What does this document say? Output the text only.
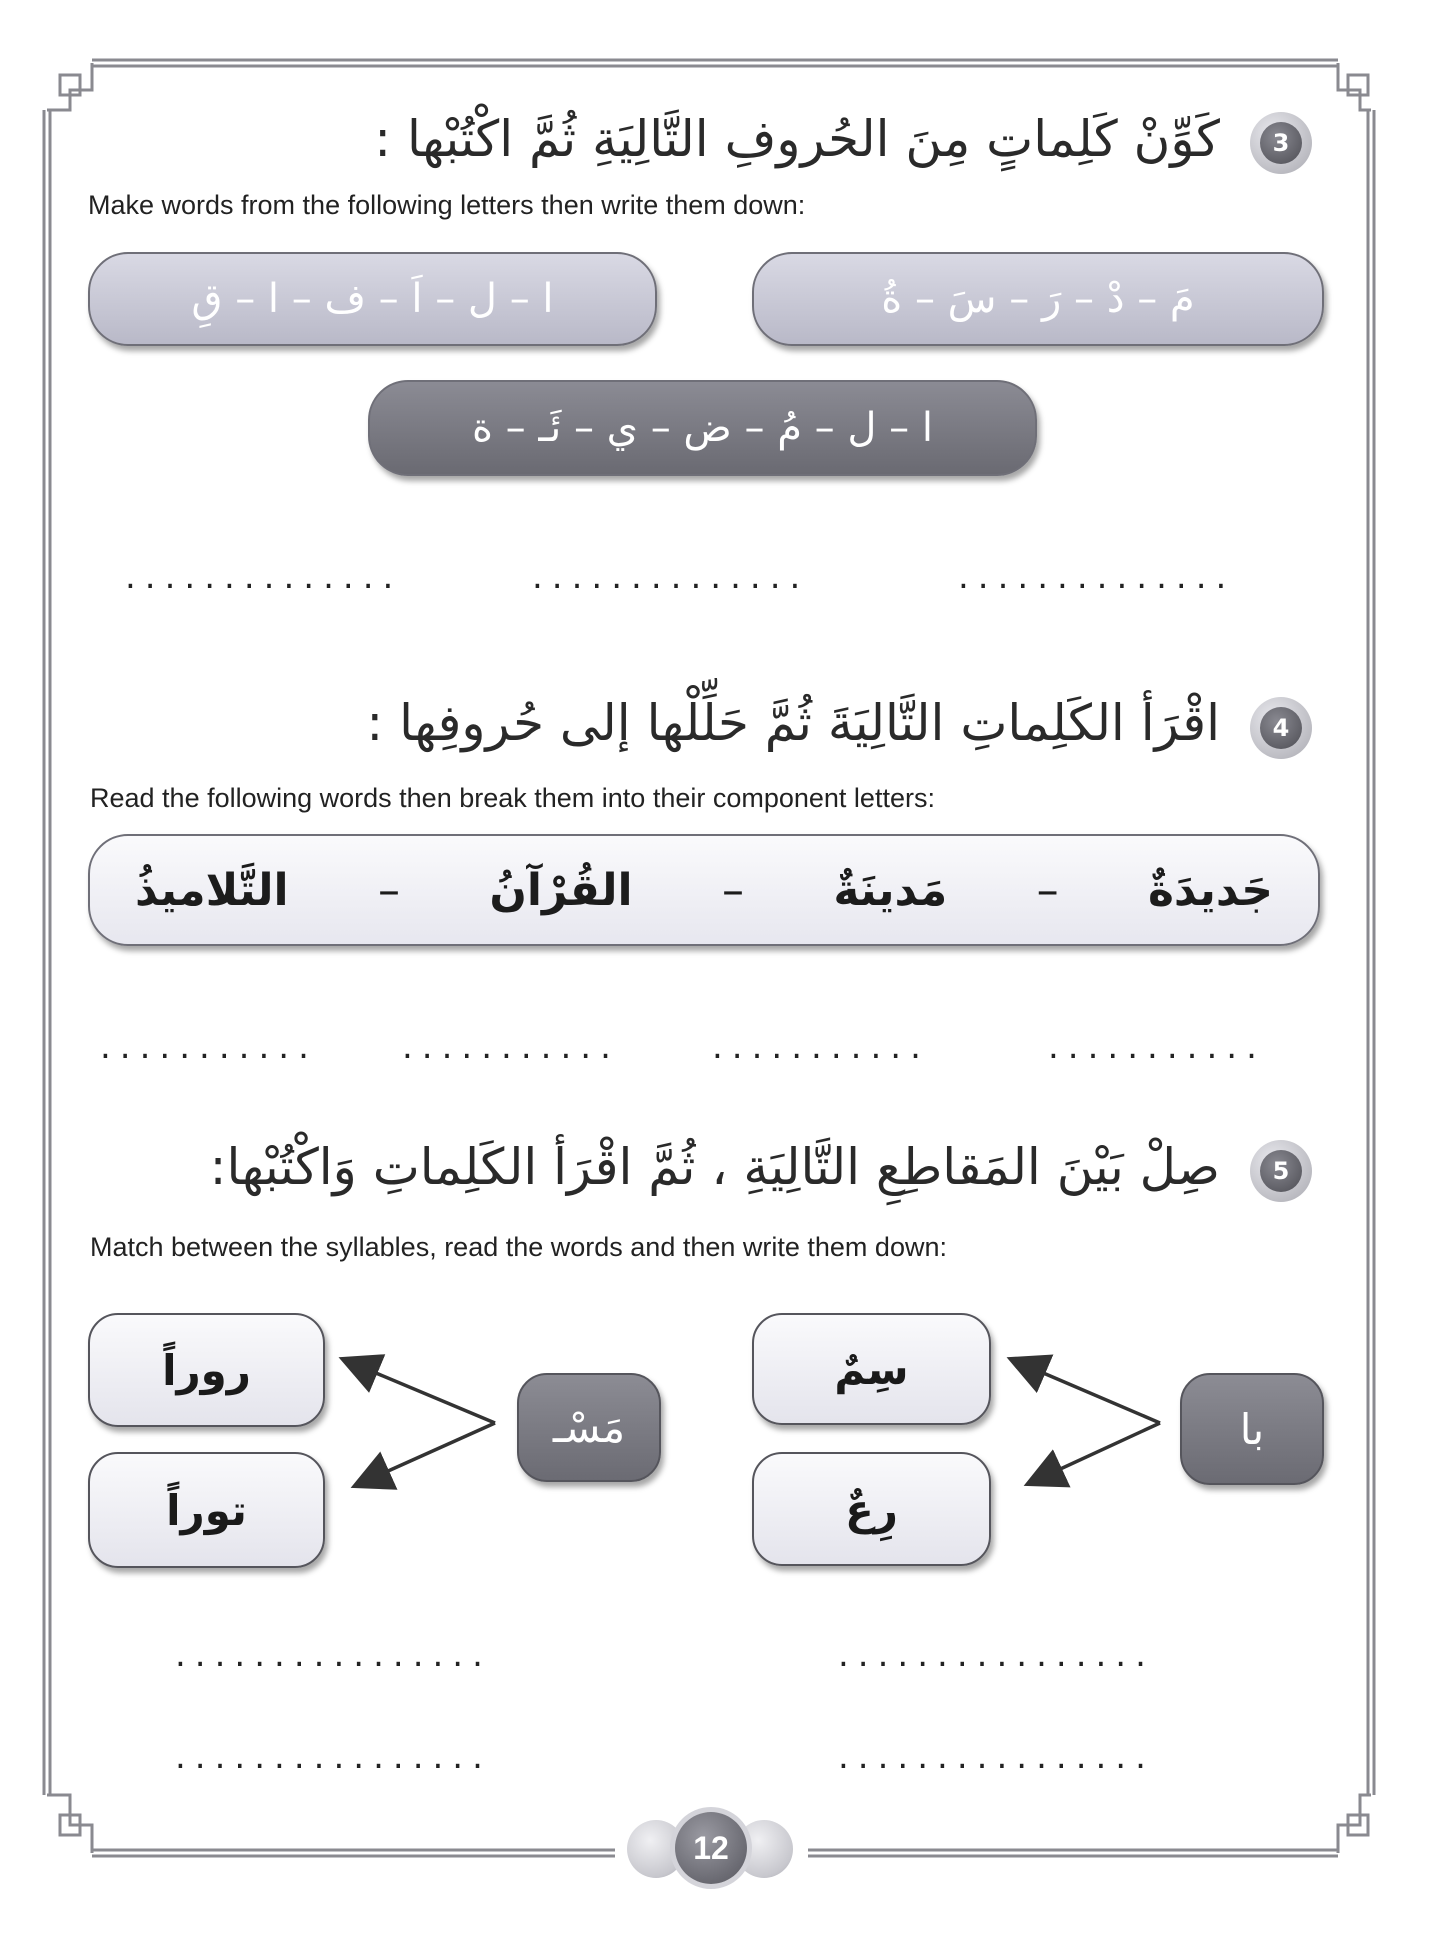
3
كَوِّنْ كَلِماتٍ مِنَ الحُروفِ التَّالِيَةِ ثُمَّ اكْتُبْها :
Make words from the following letters then write them down:
مَ – دْ – رَ – سَ – ةُ
ا – ل – اَ – ف – ا – قِ
ا – ل – مُ – ض – ي – ئَـ – ة
..............
..............
..............
4
اقْرَأ الكَلِماتِ التَّالِيَةَ ثُمَّ حَلِّلْها إلى حُروفِها :
Read the following words then break them into their component letters:
جَديدَةٌ
–
مَدينَةٌ
–
القُرْآنُ
–
التَّلاميذُ
...........
...........
...........
...........
5
صِلْ بَيْنَ المَقاطِعِ التَّالِيَةِ ، ثُمَّ اقْرَأ الكَلِماتِ وَاكْتُبْها:
Match between the syllables, read the words and then write them down:
سِمٌ
رِعٌ
با
روراً
توراً
مَسْـ
................
................
................
................
12
